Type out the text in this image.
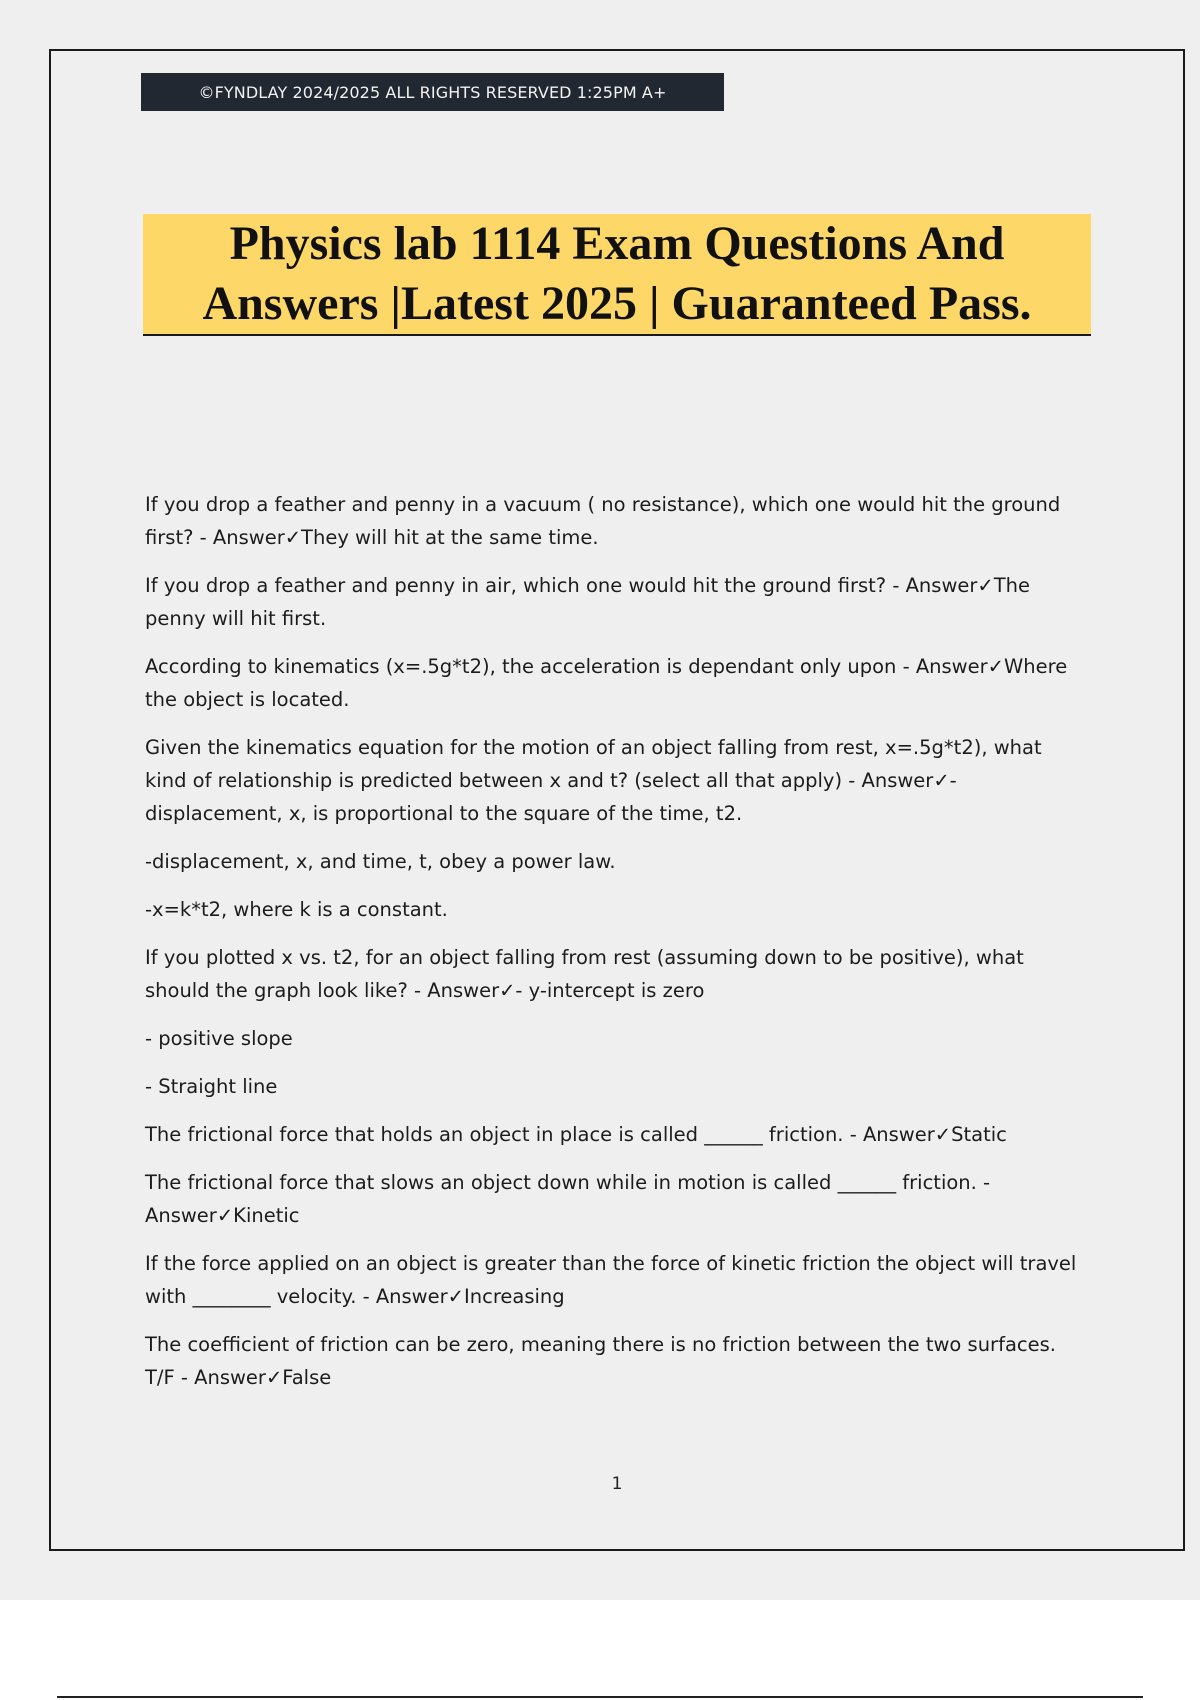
©FYNDLAY 2024/2025 ALL RIGHTS RESERVED 1:25PM A+
Physics lab 1114 Exam Questions And
Answers |Latest 2025 | Guaranteed Pass.

If you drop a feather and penny in a vacuum ( no resistance), which one would hit the ground first? - Answer✓They will hit at the same time.

If you drop a feather and penny in air, which one would hit the ground first? - Answer✓The penny will hit first.

According to kinematics (x=.5g*t2), the acceleration is dependant only upon - Answer✓Where the object is located.

Given the kinematics equation for the motion of an object falling from rest, x=.5g*t2), what kind of relationship is predicted between x and t? (select all that apply) - Answer✓-displacement, x, is proportional to the square of the time, t2.

-displacement, x, and time, t, obey a power law.

-x=k*t2, where k is a constant.

If you plotted x vs. t2, for an object falling from rest (assuming down to be positive), what should the graph look like? - Answer✓- y-intercept is zero

- positive slope

- Straight line

The frictional force that holds an object in place is called ______ friction. - Answer✓Static

The frictional force that slows an object down while in motion is called ______ friction. - Answer✓Kinetic

If the force applied on an object is greater than the force of kinetic friction the object will travel with ________ velocity. - Answer✓Increasing

The coefficient of friction can be zero, meaning there is no friction between the two surfaces. T/F - Answer✓False

1
